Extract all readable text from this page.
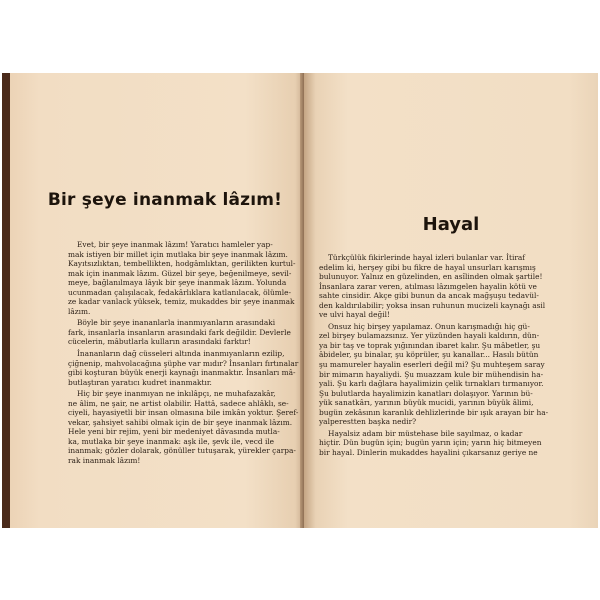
Bir şeye inanmak lâzım!
Evet, bir şeye inanmak lâzım! Yaratıcı hamleler yap-
mak istiyen bir millet için mutlaka bir şeye inanmak lâzım.
Kayıtsızlıktan, tembellikten, hodgâmlıktan, gerilikten kurtul-
mak için inanmak lâzım. Güzel bir şeye, beğenilmeye, sevil-
meye, bağlanılmaya lâyık bir şeye inanmak lâzım. Yolunda
ucunmadan çalışılacak, fedakârlıklara katlanılacak, ölümle-
ze kadar vanlack yüksek, temiz, mukaddes bir şeye inanmak
lâzım.
Böyle bir şeye inananlarla inanmıyanların arasındaki
fark, insanlarla insanların arasındaki fark değildir. Devlerle
cücelerin, mâbutlarla kulların arasındaki farktır!
İnananların dağ cüsseleri altında inanmıyanların ezilip,
çiğnenip, mahvolacağına şüphe var mıdır? İnsanları fırtınalar
gibi koşturan büyük enerji kaynağı inanmaktır. İnsanları mâ-
butlaştıran yaratıcı kudret inanmaktır.
Hiç bir şeye inanmıyan ne inkılâpçı, ne muhafazakâr,
ne âlim, ne şair, ne artist olabilir. Hattâ, sadece ahlâklı, se-
ciyeli, hayasiyetli bir insan olmasına bile imkân yoktur. Şeref-
vekar, şahsiyet sahibi olmak için de bir şeye inanmak lâzım.
Hele yeni bir rejim, yeni bir medeniyet dâvasında mutla-
ka, mutlaka bir şeye inanmak: aşk ile, şevk ile, vecd ile
inanmak; gözler dolarak, gönüller tutuşarak, yürekler çarpa-
rak inanmak lâzım!
Hayal
Türkçülük fikirlerinde hayal izleri bulanlar var. İtiraf
edelim ki, herşey gibi bu fikre de hayal unsurları karışmış
bulunuyor. Yalnız en güzelinden, en asîlinden olmak şartile!
İnsanlara zarar veren, atılması lâzımgelen hayalin kötü ve
sahte cinsidir. Akçe gibi bunun da ancak mağşuşu tedavül-
den kaldırılabilir; yoksa insan ruhunun mucizeli kaynağı asil
ve ulvi hayal değil!
Onsuz hiç birşey yapılamaz. Onun karışmadığı hiç gü-
zel birşey bulamazsınız. Yer yüzünden hayali kaldırın, dün-
ya bir taş ve toprak yığınından ibaret kalır. Şu mâbetler, şu
âbideler, şu binalar, şu köprüler, şu kanallar... Hasılı bütün
şu mamureler hayalin eserleri değil mi? Şu muhteşem saray
bir mimarın hayaliydi. Şu muazzam kule bir mühendisin ha-
yali. Şu karlı dağlara hayalimizin çelik tırnakları tırmanıyor.
Şu bulutlarda hayalimizin kanatları dolaşıyor. Yarının bü-
yük sanatkârı, yarının büyük mucidi, yarının büyük âlimi,
bugün zekâsının karanlık dehlizlerinde bir ışık arayan bir ha-
yalperestten başka nedir?
Hayalsiz adam bir müstehase bile sayılmaz, o kadar
hiçtir. Dün bugün için; bugün yarın için; yarın hiç bitmeyen
bir hayal. Dinlerin mukaddes hayalini çıkarsanız geriye ne
